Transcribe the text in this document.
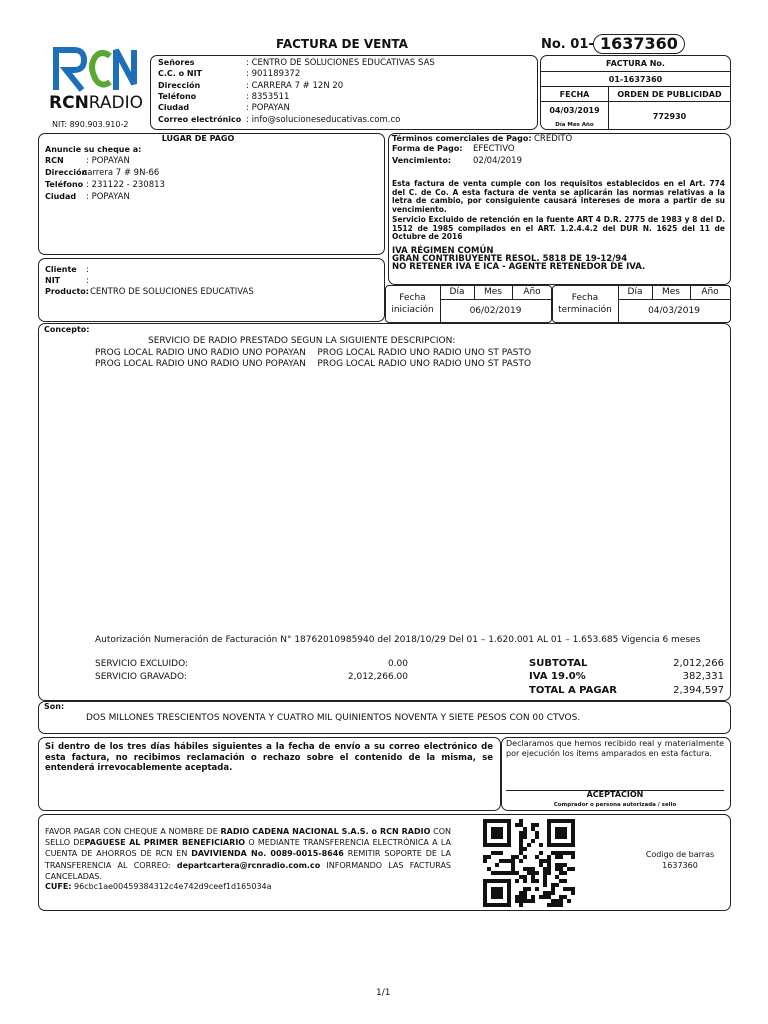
FACTURA DE VENTA	No. 01- 1637360
RCNRADIO
NIT: 890.903.910-2
Señores	: CENTRO DE SOLUCIONES EDUCATIVAS SAS
C.C. o NIT	: 901189372
Dirección	: CARRERA 7 # 12N 20
Teléfono	: 8353511
Ciudad	: POPAYAN
Correo electrónico : info@solucioneseducativas.com.co
FACTURA No.
01-1637360
FECHA	ORDEN DE PUBLICIDAD
04/03/2019
Día Mes Año
772930
LUGAR DE PAGO
Anuncie su cheque a:
RCN	: POPAYAN
Dirección
: carrera 7 # 9N-66
Teléfono : 231122 - 230813
Ciudad : POPAYAN
Términos comerciales de Pago: CREDITO
Forma de Pago: EFECTIVO
Vencimiento:	02/04/2019
Esta factura de venta cumple con los requisitos establecidos en el Art. 774 del C. de Co. A esta factura de venta se aplicarán las normas relativas a la letra de cambio, por consiguiente causará intereses de mora a partir de su vencimiento.
Servicio Excluido de retención en la fuente ART 4 D.R. 2775 de 1983 y 8 del D. 1512 de 1985 compilados en el ART. 1.2.4.4.2 del DUR N. 1625 del 11 de Octubre de 2016
IVA RÉGIMEN COMÚN
GRAN CONTRIBUYENTE RESOL. 5818 DE 19-12/94
NO RETENER IVA E ICA - AGENTE RETENEDOR DE IVA.
Cliente :
NIT	:
Producto: CENTRO DE SOLUCIONES EDUCATIVAS	Día	Mes	Año
Fecha
iniciación	06/02/2019
Día	Mes	Año
Fecha
terminación	04/03/2019
Concepto:
SERVICIO DE RADIO PRESTADO SEGUN LA SIGUIENTE DESCRIPCION:
PROG LOCAL RADIO UNO RADIO UNO POPAYAN    PROG LOCAL RADIO UNO RADIO UNO ST PASTO
PROG LOCAL RADIO UNO RADIO UNO POPAYAN    PROG LOCAL RADIO UNO RADIO UNO ST PASTO
Autorización Numeración de Facturación N° 18762010985940 del 2018/10/29 Del 01 – 1.620.001 AL 01 – 1.653.685 Vigencia 6 meses
SERVICIO EXCLUIDO:	0.00
SERVICIO GRAVADO:	2,012,266.00
SUBTOTAL	2,012,266
IVA 19.0%	382,331
TOTAL A PAGAR	2,394,597
Son:
DOS MILLONES TRESCIENTOS NOVENTA Y CUATRO MIL QUINIENTOS NOVENTA Y SIETE PESOS CON 00 CTVOS.
Si dentro de los tres días hábiles siguientes a la fecha de envío a su correo electrónico de esta factura, no recibimos reclamación o rechazo sobre el contenido de la misma, se entenderá irrevocablemente aceptada.
Declaramos que hemos recibido real y materialmente por ejecución los ítems amparados en esta factura.
ACEPTACION
Comprador o persona autorizada / sello
FAVOR PAGAR CON CHEQUE A NOMBRE DE RADIO CADENA NACIONAL S.A.S. o RCN RADIO CON SELLO DEPAGUESE AL PRIMER BENEFICIARIO O MEDIANTE TRANSFERENCIA ELECTRÓNICA A LA CUENTA DE AHORROS DE RCN EN DAVIVIENDA No. 0089-0015-8646 REMITIR SOPORTE DE LA TRANSFERENCIA AL CORREO: departcartera@rcnradio.com.co INFORMANDO LAS FACTURAS CANCELADAS.
CUFE: 96cbc1ae00459384312c4e742d9ceef1d165034a
Codigo de barras
1637360
1/1
